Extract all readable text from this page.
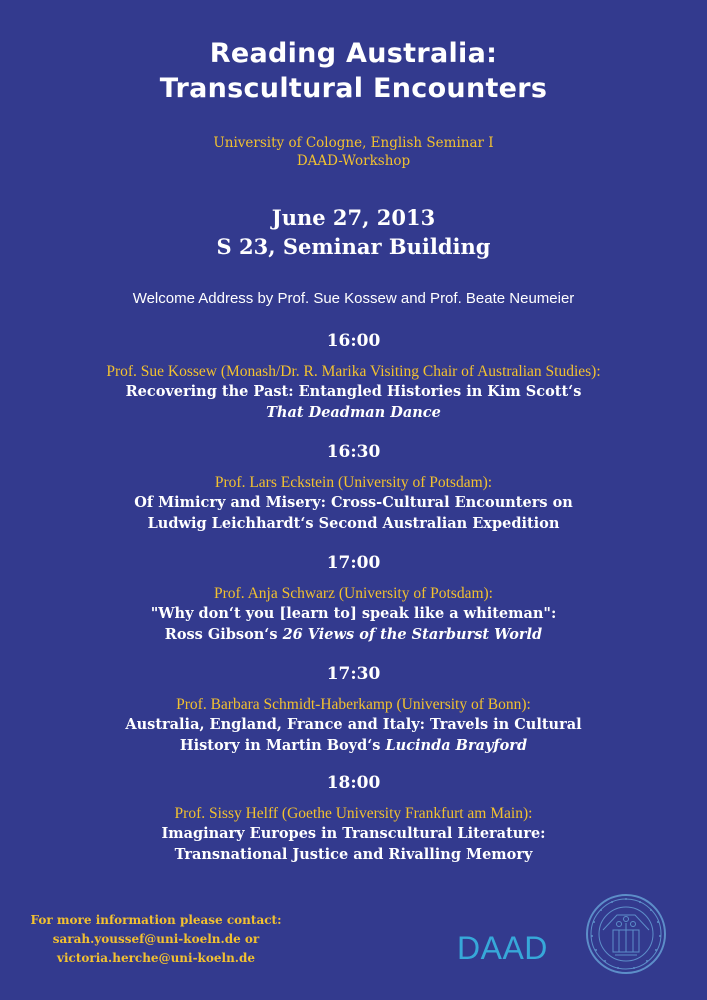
Reading Australia:
Transcultural Encounters
University of Cologne, English Seminar I
DAAD-Workshop
June 27, 2013
S 23, Seminar Building
Welcome Address by Prof. Sue Kossew and Prof. Beate Neumeier
16:00
Prof. Sue Kossew (Monash/Dr. R. Marika Visiting Chair of Australian Studies):
Recovering the Past: Entangled Histories in Kim Scott‘s
That Deadman Dance
16:30
Prof. Lars Eckstein (University of Potsdam):
Of Mimicry and Misery: Cross-Cultural Encounters on
Ludwig Leichhardt‘s Second Australian Expedition
17:00
Prof. Anja Schwarz (University of Potsdam):
"Why don‘t you [learn to] speak like a whiteman":
Ross Gibson‘s 26 Views of the Starburst World
17:30
Prof. Barbara Schmidt-Haberkamp (University of Bonn):
Australia, England, France and Italy: Travels in Cultural
History in Martin Boyd‘s Lucinda Brayford
18:00
Prof. Sissy Helff (Goethe University Frankfurt am Main):
Imaginary Europes in Transcultural Literature:
Transnational Justice and Rivalling Memory
For more information please contact:
sarah.youssef@uni-koeln.de or
victoria.herche@uni-koeln.de	DAAD
